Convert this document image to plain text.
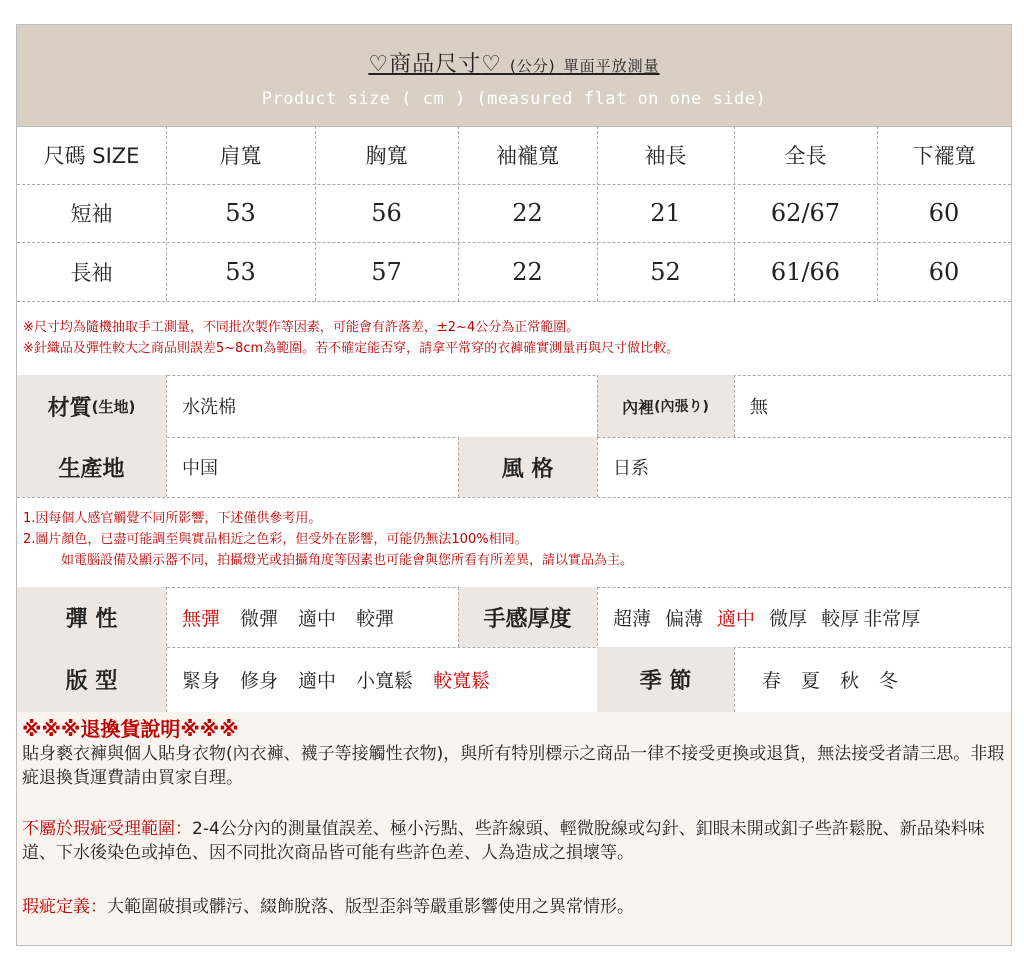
♡商品尺寸♡ (公分) 單面平放測量
Product size ( cm ) (measured flat on one side)
尺碼 SIZE	肩寬	胸寬	袖襱寬	袖長	全長	下襬寬
短袖	53	56	22	21	62/67	60
長袖	53	57	22	52	61/66	60
※尺寸均為隨機抽取手工測量，不同批次製作等因素，可能會有許落差，±2~4公分為正常範圍。
※針織品及彈性較大之商品則誤差5~8cm為範圍。若不確定能否穿，請拿平常穿的衣褲確實測量再與尺寸做比較。
材質 (生地)	水洗棉	內裡 (內張り)	無
生產地	中国	風 格	日系
1.因每個人感官觸覺不同所影響，下述僅供參考用。
2.圖片顏色，已盡可能調至與實品相近之色彩，但受外在影響，可能仍無法100%相同。
如電腦設備及顯示器不同，拍攝燈光或拍攝角度等因素也可能會與您所看有所差異，請以實品為主。
彈 性	無彈 微彈 適中 較彈	手感厚度	超薄 偏薄 適中 微厚 較厚 非常厚
版 型	緊身 修身 適中 小寬鬆 較寬鬆	季 節	春 夏 秋 冬
※※※退換貨說明※※※
貼身褻衣褲與個人貼身衣物(內衣褲、襪子等接觸性衣物)，與所有特別標示之商品一律不接受更換或退貨，無法接受者請三思。非瑕疵退換貨運費請由買家自理。
不屬於瑕疵受理範圍：2-4公分內的測量值誤差、極小污點、些許線頭、輕微脫線或勾針、釦眼未開或釦子些許鬆脫、新品染料味道、下水後染色或掉色、因不同批次商品皆可能有些許色差、人為造成之損壞等。
瑕疵定義：大範圍破損或髒污、綴飾脫落、版型歪斜等嚴重影響使用之異常情形。
